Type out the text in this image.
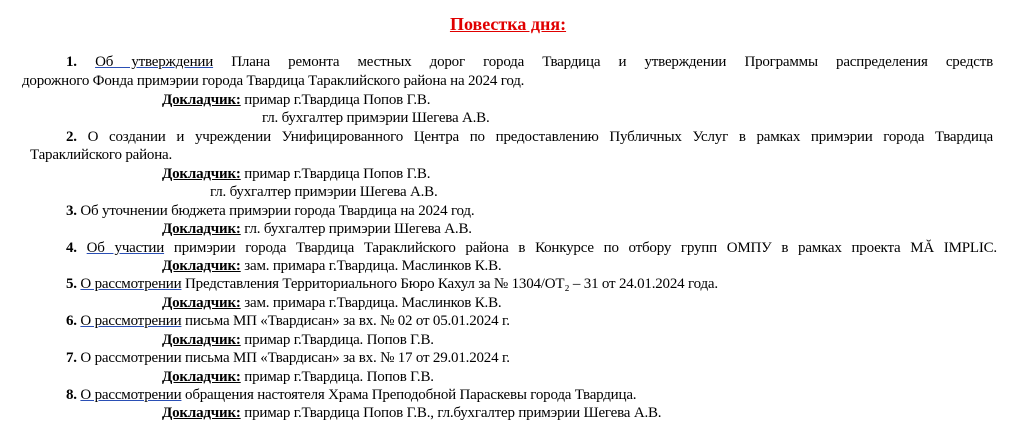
Повестка дня:
1. Об утверждении Плана ремонта местных дорог города Твардица и утверждении Программы распределения средств
дорожного Фонда примэрии города Твардица Тараклийского района на 2024 год.
Докладчик: примар г.Твардица Попов Г.В.
гл. бухгалтер примэрии Шегева А.В.
2. О создании и учреждении Унифицированного Центра по предоставлению Публичных Услуг в рамках примэрии города Твардица
Тараклийского района.
Докладчик: примар г.Твардица Попов Г.В.
гл. бухгалтер примэрии Шегева А.В.
3. Об уточнении бюджета примэрии города Твардица на 2024 год.
Докладчик: гл. бухгалтер примэрии Шегева А.В.
4. Об участии примэрии города Твардица Тараклийского района в Конкурсе по отбору групп ОМПУ в рамках проекта MĂ IMPLIC.
Докладчик: зам. примара г.Твардица. Маслинков К.В.
5. О рассмотрении Представления Территориального Бюро Кахул за № 1304/ОТ₂ – 31 от 24.01.2024 года.
Докладчик: зам. примара г.Твардица. Маслинков К.В.
6. О рассмотрении письма МП «Твардисан» за вх. № 02 от 05.01.2024 г.
Докладчик: примар г.Твардица. Попов Г.В.
7. О рассмотрении письма МП «Твардисан» за вх. № 17 от 29.01.2024 г.
Докладчик: примар г.Твардица. Попов Г.В.
8. О рассмотрении обращения настоятеля Храма Преподобной Параскевы города Твардица.
Докладчик: примар г.Твардица Попов Г.В., гл.бухгалтер примэрии Шегева А.В.
